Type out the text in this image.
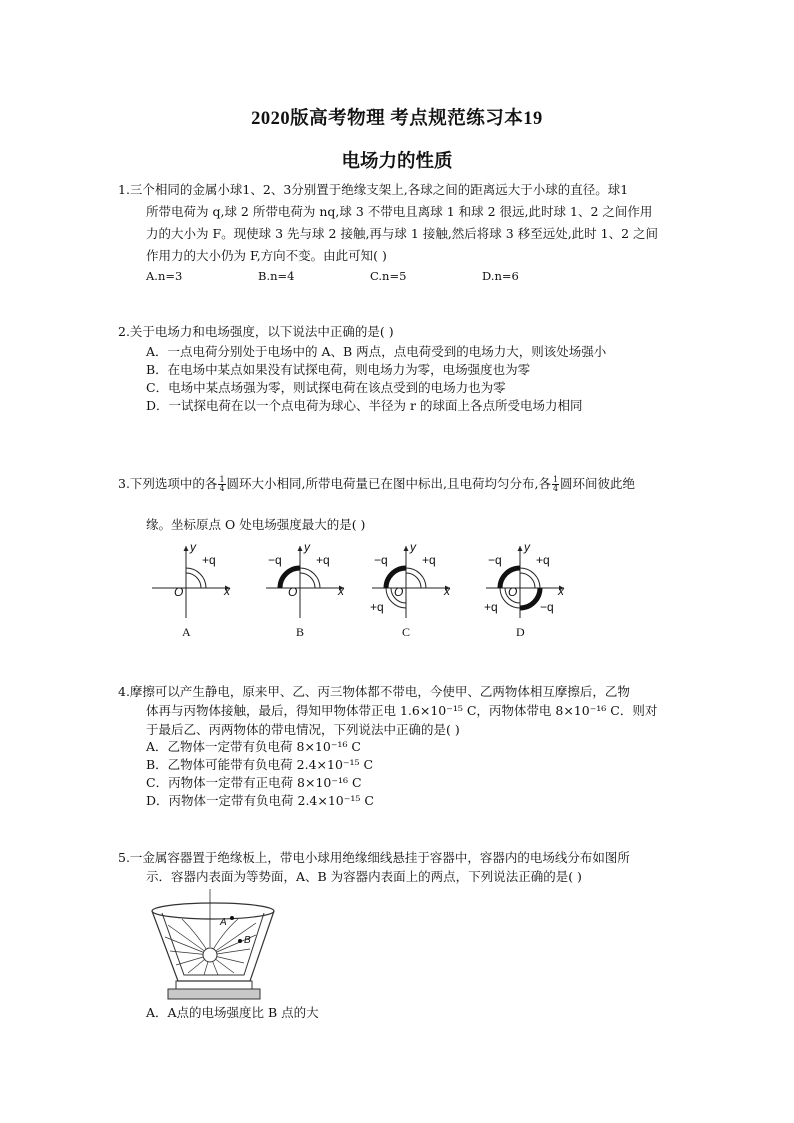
2020版高考物理 考点规范练习本19
电场力的性质
1.三个相同的金属小球1、2、3分别置于绝缘支架上,各球之间的距离远大于小球的直径。球1
所带电荷为 q,球 2 所带电荷为 nq,球 3 不带电且离球 1 和球 2 很远,此时球 1、2 之间作用
力的大小为 F。现使球 3 先与球 2 接触,再与球 1 接触,然后将球 3 移至远处,此时 1、2 之间
作用力的大小仍为 F,方向不变。由此可知( )
A.n=3	B.n=4	C.n=5	D.n=6
2.关于电场力和电场强度，以下说法中正确的是( )
A．一点电荷分别处于电场中的 A、B 两点，点电荷受到的电场力大，则该处场强小
B．在电场中某点如果没有试探电荷，则电场力为零，电场强度也为零
C．电场中某点场强为零，则试探电荷在该点受到的电场力也为零
D．一试探电荷在以一个点电荷为球心、半径为 r 的球面上各点所受电场力相同
3.下列选项中的各 $\frac{1}{4}$ 圆环大小相同,所带电荷量已在图中标出,且电荷均匀分布,各 $\frac{1}{4}$ 圆环间彼此绝
缘。坐标原点 O 处电场强度最大的是( )
y
x
O
+q
A
y
x
O
−q	+q
B
y
x
O
−q	+q
+q
C
y
x
O
−q	+q
+q	−q
D
4.摩擦可以产生静电，原来甲、乙、丙三物体都不带电，今使甲、乙两物体相互摩擦后，乙物
体再与丙物体接触，最后，得知甲物体带正电 1.6×10⁻¹⁵ C，丙物体带电 8×10⁻¹⁶ C．则对
于最后乙、丙两物体的带电情况，下列说法中正确的是( )
A．乙物体一定带有负电荷 8×10⁻¹⁶ C
B．乙物体可能带有负电荷 2.4×10⁻¹⁵ C
C．丙物体一定带有正电荷 8×10⁻¹⁶ C
D．丙物体一定带有负电荷 2.4×10⁻¹⁵ C
5.一金属容器置于绝缘板上，带电小球用绝缘细线悬挂于容器中，容器内的电场线分布如图所
示．容器内表面为等势面，A、B 为容器内表面上的两点，下列说法正确的是( )
A
B
A．A点的电场强度比 B 点的大
